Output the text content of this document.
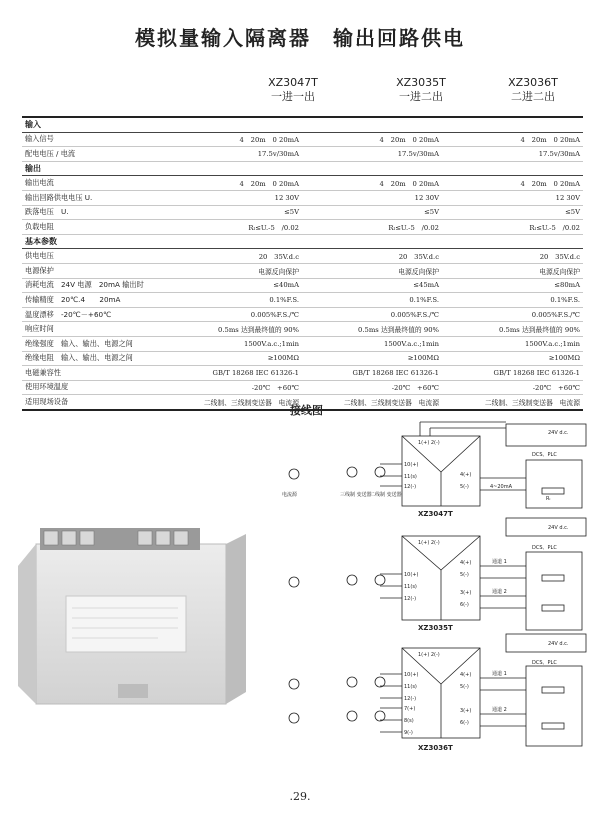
模拟量输入隔离器　输出回路供电
XZ3047T
一进一出
XZ3035T
一进二出
XZ3036T
二进二出
输入			
输入信号	4　20m　0 20mA	4　20m　0 20mA	4　20m　0 20mA
配电电压 / 电流	17.5v/30mA	17.5v/30mA	17.5v/30mA
输出			
输出电流	4　20m　0 20mA	4　20m　0 20mA	4　20m　0 20mA
输出回路供电电压 U.	12 30V	12 30V	12 30V
跌落电压　U.	≤5V	≤5V	≤5V
负载电阻	Rₗ≤U.-5　/0.02	Rₗ≤U.-5　/0.02	Rₗ≤U.-5　/0.02
基本参数			
供电电压	20　35V.d.c	20　35V.d.c	20　35V.d.c
电源保护	电源反向保护	电源反向保护	电源反向保护
消耗电流　24V 电源　20mA 输出时	≤40mA	≤45mA	≤80mA
传输精度　20℃.4　　20mA	0.1%F.S.	0.1%F.S.	0.1%F.S.
温度漂移　-20℃－+60℃	0.005%F.S./℃	0.005%F.S./℃	0.005%F.S./℃
响应时间	0.5ms 达到最终值的 90%	0.5ms 达到最终值的 90%	0.5ms 达到最终值的 90%
绝缘强度　输入、输出、电源之间	1500V.a.c.;1min	1500V.a.c.;1min	1500V.a.c.;1min
绝缘电阻　输入、输出、电源之间	≥100MΩ	≥100MΩ	≥100MΩ
电磁兼容性	GB/T 18268 IEC 61326-1	GB/T 18268 IEC 61326-1	GB/T 18268 IEC 61326-1
使用环境温度	-20℃　+60℃	-20℃　+60℃	-20℃　+60℃
适用现场设备	二线制、三线制变送器　电流源	二线制、三线制变送器　电流源	二线制、三线制变送器　电流源
接线图
1(+) 2(-)
10(+)
11(s)
12(-)
4(+)
5(-)
24V d.c.
DCS、PLC
4~20mA
Rₗ
XZ3047T
电流源	三线制 变送器
二线制 变送器
1(+) 2(-)
10(+)
11(s)
12(-)
4(+)
5(-)
3(+)
6(-)
24V d.c.
DCS、PLC
通道 1
通道 2
XZ3035T
1(+) 2(-)
10(+)
11(s)
12(-)
7(+)
8(s)
9(-)
4(+)
5(-)
3(+)
6(-)
24V d.c.
DCS、PLC
通道 1
通道 2
XZ3036T
.29.
